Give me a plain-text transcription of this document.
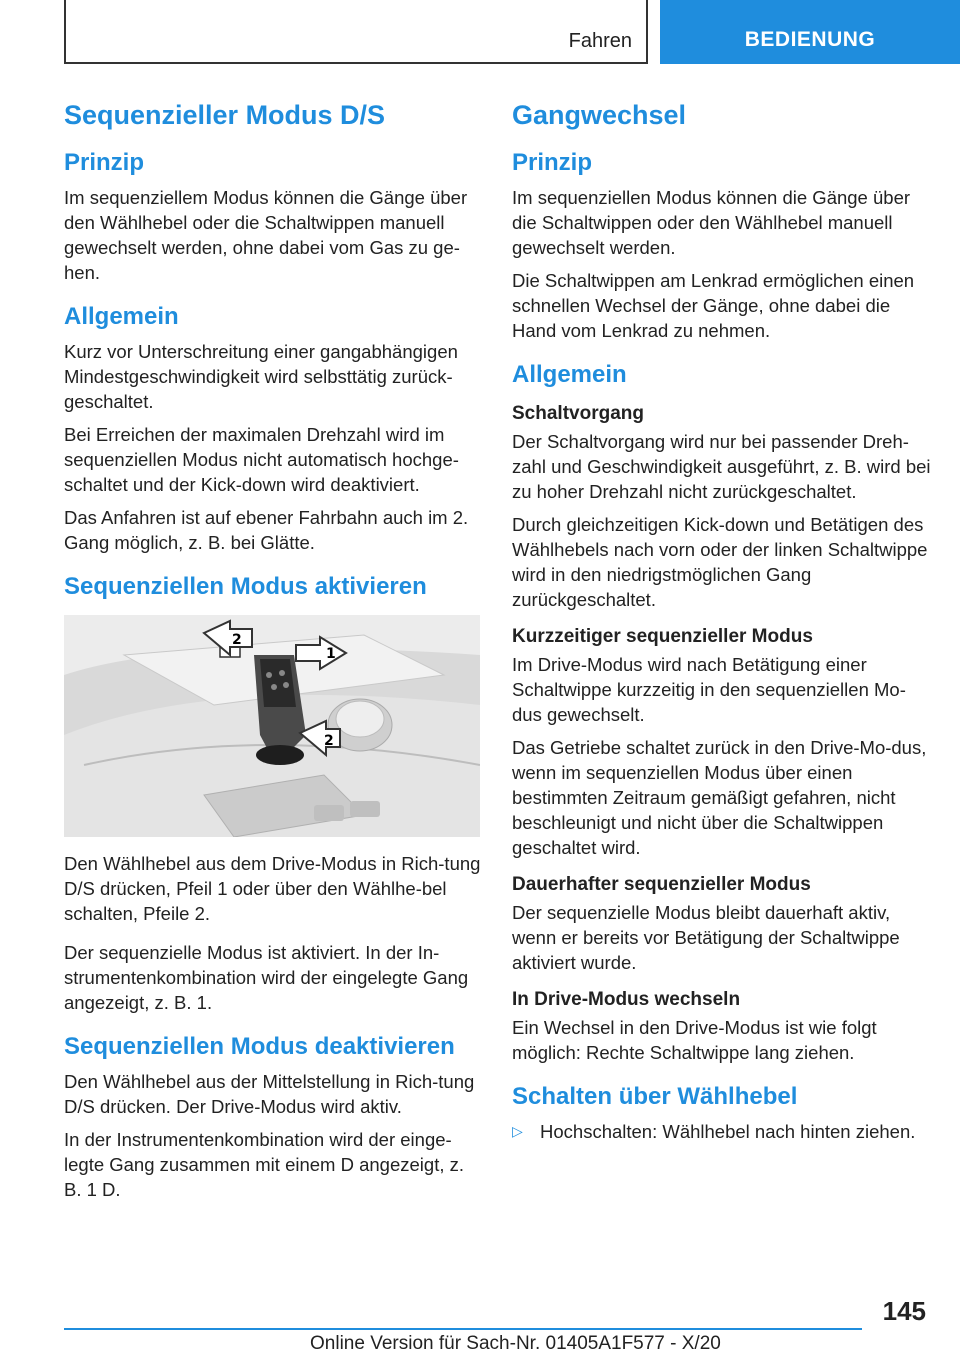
Fahren	BEDIENUNG
Sequenzieller Modus D/S
Prinzip

Im sequenziellem Modus können die Gänge über den Wählhebel oder die Schaltwippen manuell gewechselt werden, ohne dabei vom Gas zu ge-hen.

Allgemein

Kurz vor Unterschreitung einer gangabhängigen Mindestgeschwindigkeit wird selbsttätig zurück-geschaltet.

Bei Erreichen der maximalen Drehzahl wird im sequenziellen Modus nicht automatisch hochge-schaltet und der Kick-down wird deaktiviert.

Das Anfahren ist auf ebener Fahrbahn auch im 2. Gang möglich, z. B. bei Glätte.

Sequenziellen Modus aktivieren
2
1
2

Den Wählhebel aus dem Drive-Modus in Rich-tung D/S drücken, Pfeil 1 oder über den Wählhe-bel schalten, Pfeile 2.

Der sequenzielle Modus ist aktiviert. In der In-strumentenkombination wird der eingelegte Gang angezeigt, z. B. 1.

Sequenziellen Modus deaktivieren

Den Wählhebel aus der Mittelstellung in Rich-tung D/S drücken. Der Drive-Modus wird aktiv.

In der Instrumentenkombination wird der einge-legte Gang zusammen mit einem D angezeigt, z. B. 1 D.

Gangwechsel
Prinzip

Im sequenziellen Modus können die Gänge über die Schaltwippen oder den Wählhebel manuell gewechselt werden.

Die Schaltwippen am Lenkrad ermöglichen einen schnellen Wechsel der Gänge, ohne dabei die Hand vom Lenkrad zu nehmen.

Allgemein
Schaltvorgang

Der Schaltvorgang wird nur bei passender Dreh-zahl und Geschwindigkeit ausgeführt, z. B. wird bei zu hoher Drehzahl nicht zurückgeschaltet.

Durch gleichzeitigen Kick-down und Betätigen des Wählhebels nach vorn oder der linken Schaltwippe wird in den niedrigstmöglichen Gang zurückgeschaltet.

Kurzzeitiger sequenzieller Modus

Im Drive-Modus wird nach Betätigung einer Schaltwippe kurzzeitig in den sequenziellen Mo-dus gewechselt.

Das Getriebe schaltet zurück in den Drive-Mo-dus, wenn im sequenziellen Modus über einen bestimmten Zeitraum gemäßigt gefahren, nicht beschleunigt und nicht über die Schaltwippen geschaltet wird.

Dauerhafter sequenzieller Modus

Der sequenzielle Modus bleibt dauerhaft aktiv, wenn er bereits vor Betätigung der Schaltwippe aktiviert wurde.

In Drive-Modus wechseln

Ein Wechsel in den Drive-Modus ist wie folgt möglich: Rechte Schaltwippe lang ziehen.

Schalten über Wählhebel
▷ Hochschalten: Wählhebel nach hinten ziehen.
145
Online Version für Sach-Nr. 01405A1F577 - X/20
